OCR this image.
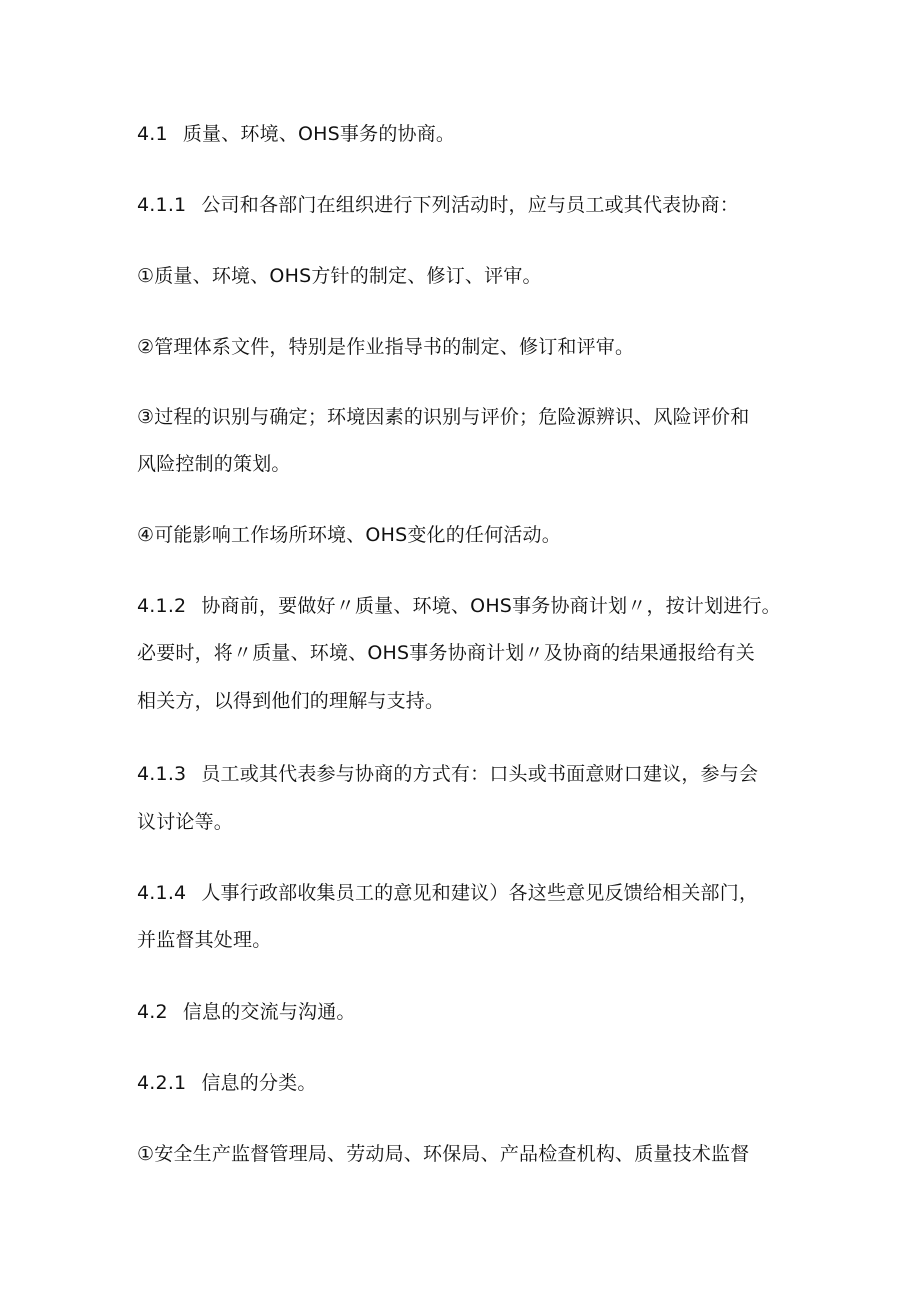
4.1 质量、环境、OHS事务的协商。
4.1.1 公司和各部门在组织进行下列活动时，应与员工或其代表协商：
①质量、环境、OHS方针的制定、修订、评审。
②管理体系文件，特别是作业指导书的制定、修订和评审。
③过程的识别与确定；环境因素的识别与评价；危险源辨识、风险评价和
风险控制的策划。
④可能影响工作场所环境、OHS变化的任何活动。
4.1.2 协商前，要做好〃质量、环境、OHS事务协商计划〃，按计划进行。
必要时，将〃质量、环境、OHS事务协商计划〃及协商的结果通报给有关
相关方，以得到他们的理解与支持。
4.1.3 员工或其代表参与协商的方式有：口头或书面意财口建议，参与会
议讨论等。
4.1.4 人事行政部收集员工的意见和建议）各这些意见反馈给相关部门，
并监督其处理。
4.2 信息的交流与沟通。
4.2.1 信息的分类。
①安全生产监督管理局、劳动局、环保局、产品检查机构、质量技术监督
